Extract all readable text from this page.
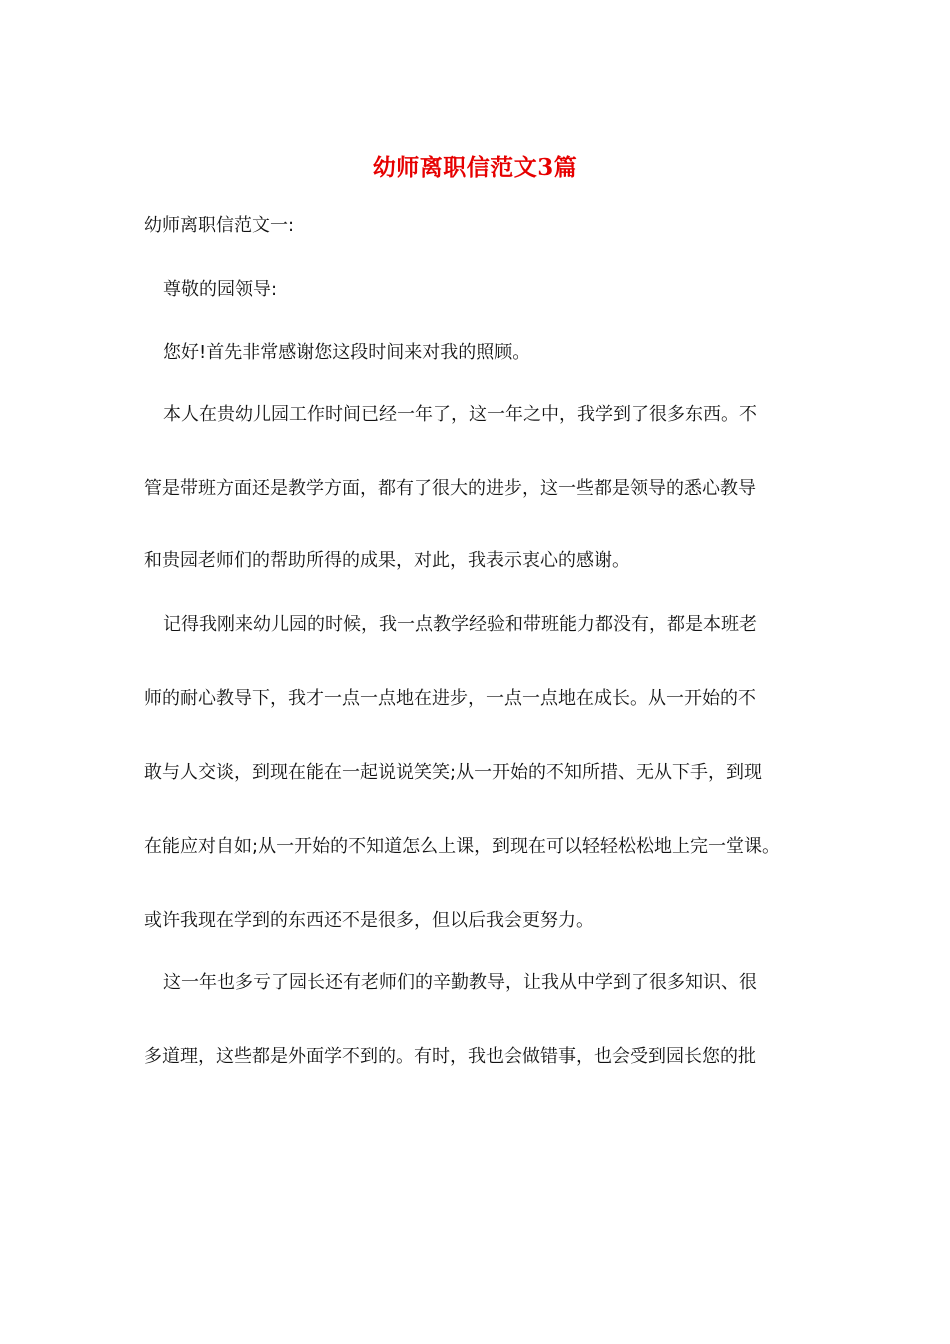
幼师离职信范文3篇
幼师离职信范文一:
尊敬的园领导:
您好!首先非常感谢您这段时间来对我的照顾。
本人在贵幼儿园工作时间已经一年了，这一年之中，我学到了很多东西。不
管是带班方面还是教学方面，都有了很大的进步，这一些都是领导的悉心教导
和贵园老师们的帮助所得的成果，对此，我表示衷心的感谢。
记得我刚来幼儿园的时候，我一点教学经验和带班能力都没有，都是本班老
师的耐心教导下，我才一点一点地在进步，一点一点地在成长。从一开始的不
敢与人交谈，到现在能在一起说说笑笑;从一开始的不知所措、无从下手，到现
在能应对自如;从一开始的不知道怎么上课，到现在可以轻轻松松地上完一堂课。
或许我现在学到的东西还不是很多，但以后我会更努力。
这一年也多亏了园长还有老师们的辛勤教导，让我从中学到了很多知识、很
多道理，这些都是外面学不到的。有时，我也会做错事，也会受到园长您的批
